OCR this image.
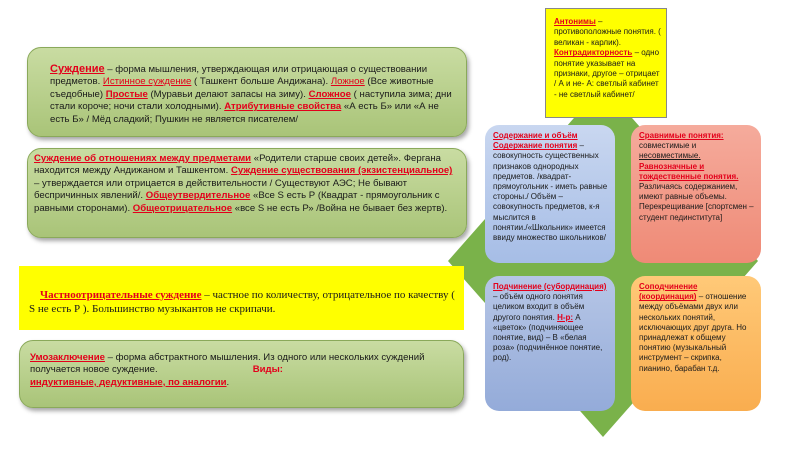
Суждение – форма мышления, утверждающая или отрицающая о существовании предметов. Истинное суждение ( Ташкент больше Андижана). Ложное (Все животные съедобные) Простые (Муравьи делают запасы на зиму). Сложное ( наступила зима; дни стали короче; ночи стали холодными). Атрибутивные свойства «А есть Б» или «А не есть Б» / Мёд сладкий; Пушкин не является писателем/
Суждение об отношениях между предметами «Родители старше своих детей». Фергана находится между Андижаном и Ташкентом. Суждение существования (экзистенциальное) – утверждается или отрицается в действительности / Существуют АЭС; Не бывают беспричинных явлений/. Общеутвердительное «Все S есть Р (Квадрат - прямоугольник с равными сторонами). Общеотрицательное «все S не есть Р» /Война не бывает без жертв).
Частноотрицательные суждение – частное по количеству, отрицательное по качеству ( S не есть Р ). Большинство музыкантов не скрипачи.
Умозаключение – форма абстрактного мышления. Из одного или нескольких суждений получается новое суждение.	Виды:
индуктивные, дедуктивные, по аналогии.
Антонимы – противоположные понятия. ( великан - карлик). Контрадикторность – одно понятие указывает на признаки, другое – отрицает / А и не- А: светлый кабинет - не светлый кабинет/
Содержание и объём
Содержание понятия – совокупность существенных признаков однородных предметов. /квадрат- прямоугольник - иметь равные стороны./ Объём – совокупность предметов, к-я мыслится в понятии./«Школьник» имеется ввиду множество школьников/
Сравнимые понятия: совместимые и несовместимые. Равнозначные и тождественные понятия. Различаясь содержанием, имеют равные объемы. Перекрещивание [спортсмен – студент пединститута]
Подчинение (субординация) – объём одного понятия целиком входит в объём другого понятия. Н-р: А «цветок» (подчиняющее понятие, вид) – В «белая роза» (подчинённое понятие, род).
Соподчинение (координация) – отношение между объёмами двух или нескольких понятий, исключающих друг друга. Но принадлежат к общему понятию (музыкальный инструмент – скрипка, пианино, барабан т.д.
